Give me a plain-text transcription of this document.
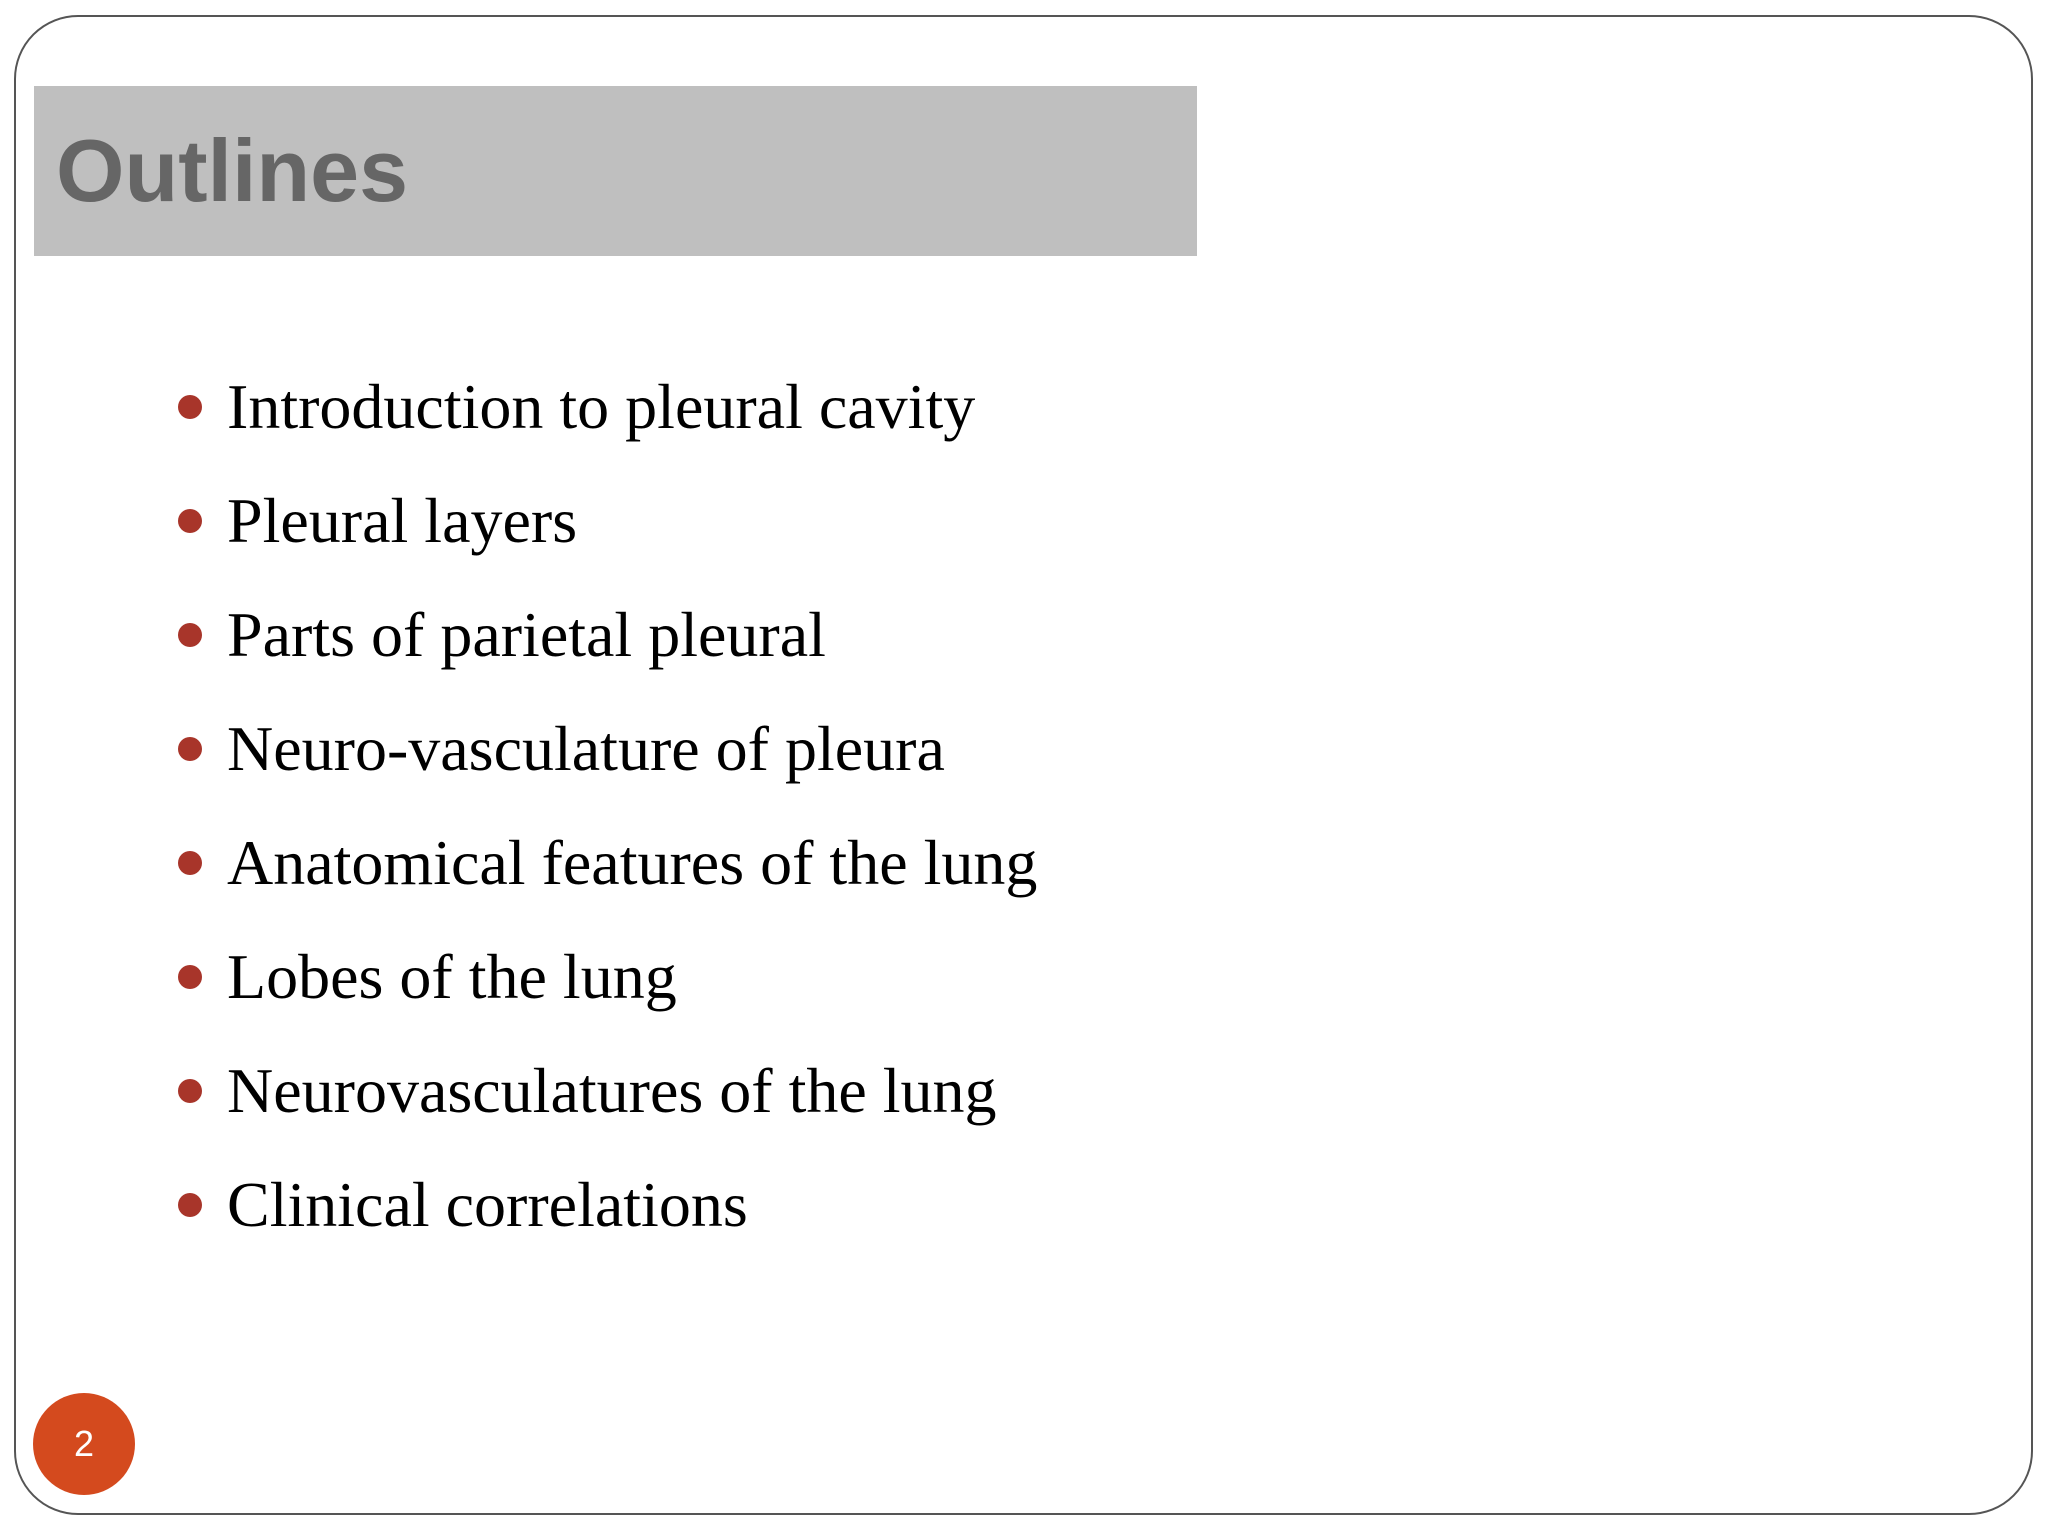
Outlines
Introduction to pleural cavity
Pleural layers
Parts of parietal pleural
Neuro-vasculature of pleura
Anatomical features of the lung
Lobes of the lung
Neurovasculatures of the lung
Clinical correlations
2
